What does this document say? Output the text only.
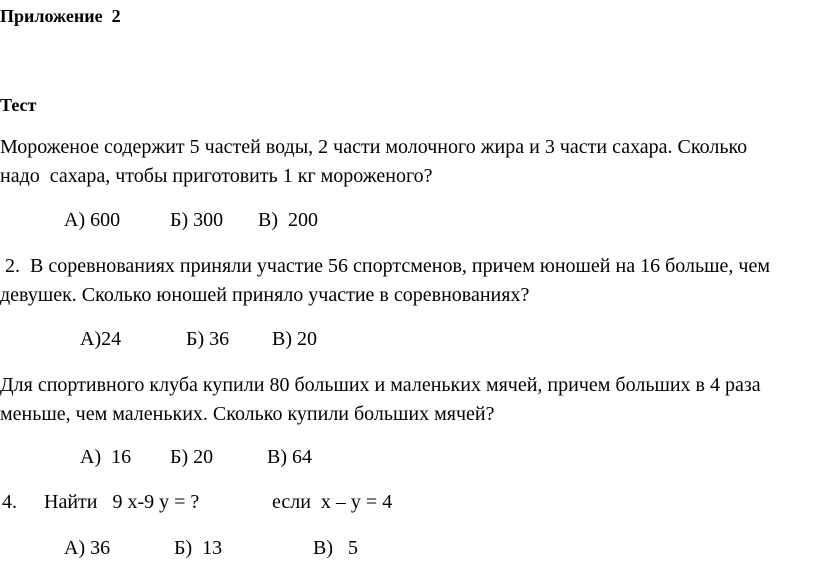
Приложение  2
Тест
Мороженое содержит 5 частей воды, 2 части молочного жира и 3 части сахара. Сколько
надо  сахара, чтобы приготовить 1 кг мороженого?
А) 600 Б) 300 В)  200
2.  В соревнованиях приняли участие 56 спортсменов, причем юношей на 16 больше, чем
девушек. Сколько юношей приняло участие в соревнованиях?
А)24	Б) 36 В) 20
Для спортивного клуба купили 80 больших и маленьких мячей, причем больших в 4 раза
меньше, чем маленьких. Сколько купили больших мячей?
А)  16 Б) 20	В) 64
4. Найти   9 х-9 у = ?	если  х – у = 4
А) 36	Б)  13	В)   5
